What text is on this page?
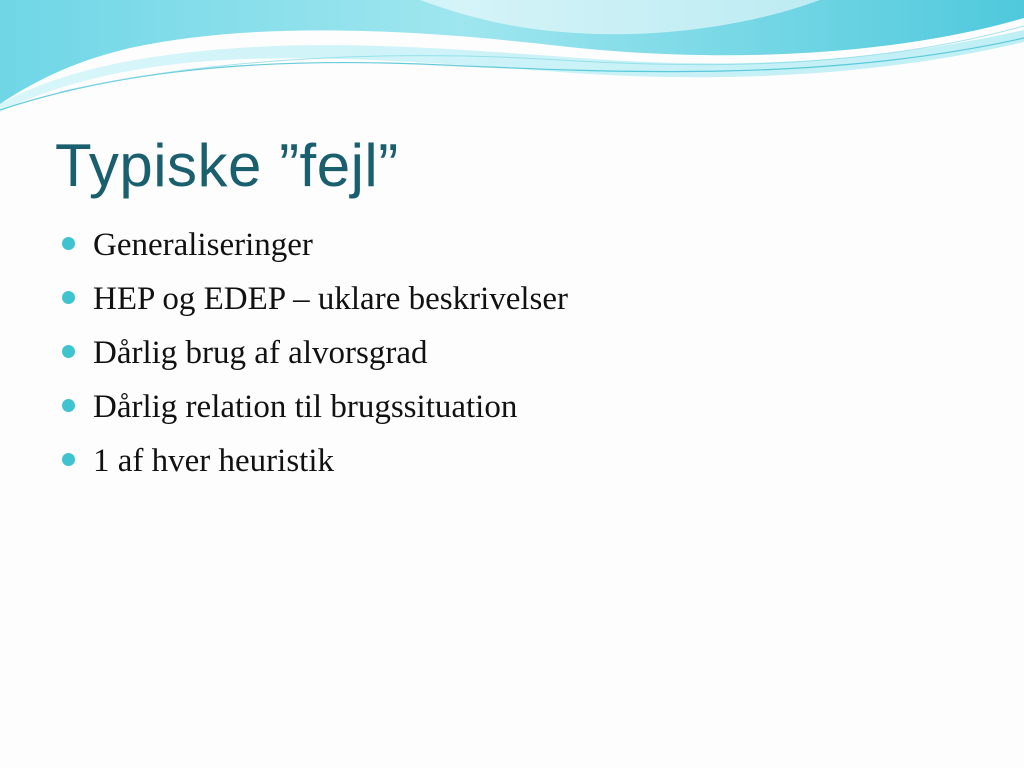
Typiske ”fejl”
Generaliseringer
HEP og EDEP – uklare beskrivelser
Dårlig brug af alvorsgrad
Dårlig relation til brugssituation
1 af hver heuristik
